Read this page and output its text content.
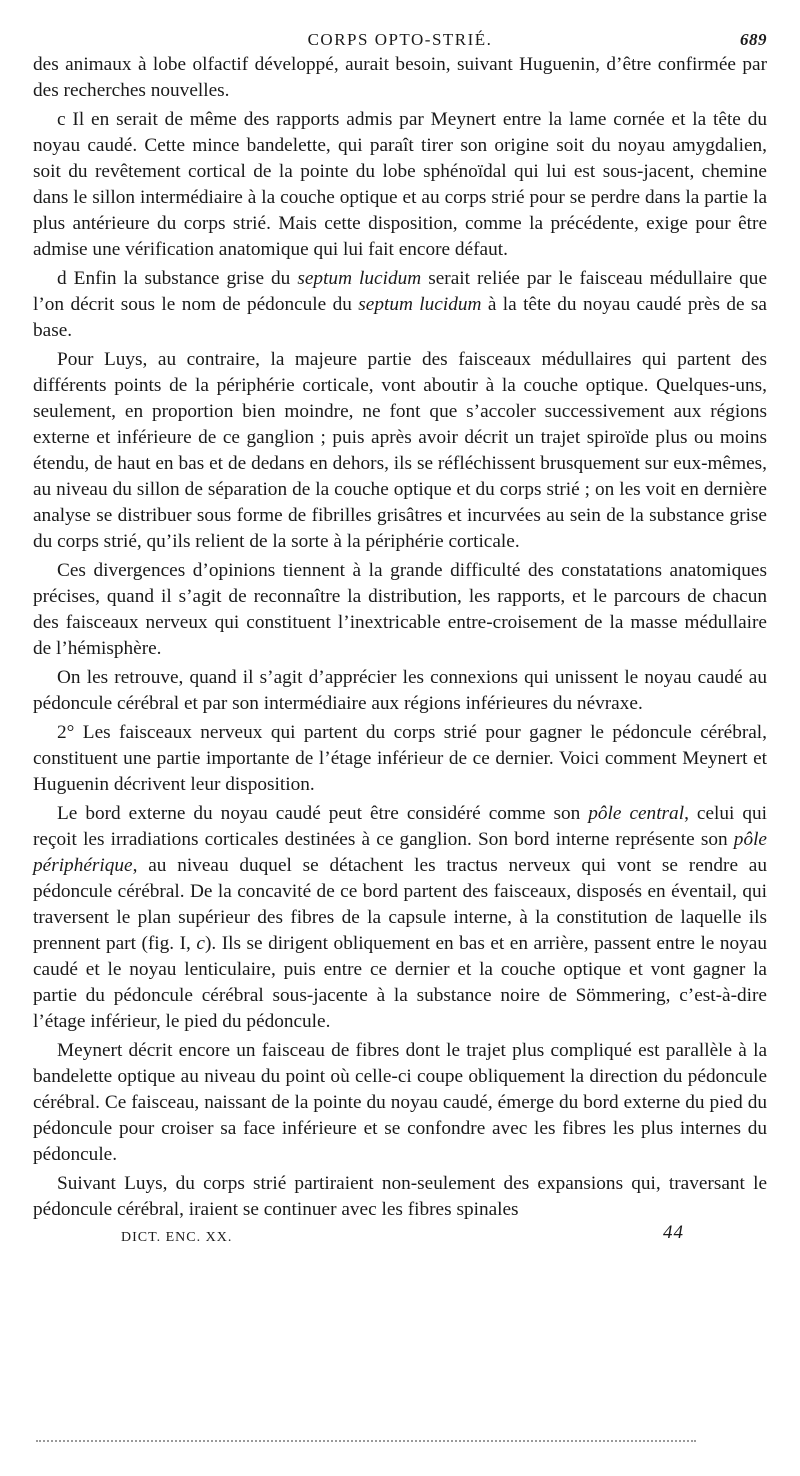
CORPS OPTO-STRIÉ.	689

des animaux à lobe olfactif développé, aurait besoin, suivant Huguenin, d’être confirmée par des recherches nouvelles.

c Il en serait de même des rapports admis par Meynert entre la lame cornée et la tête du noyau caudé. Cette mince bandelette, qui paraît tirer son origine soit du noyau amygdalien, soit du revêtement cortical de la pointe du lobe sphénoïdal qui lui est sous-jacent, chemine dans le sillon intermédiaire à la couche optique et au corps strié pour se perdre dans la partie la plus antérieure du corps strié. Mais cette disposition, comme la précédente, exige pour être admise une vérification anatomique qui lui fait encore défaut.

d Enfin la substance grise du septum lucidum serait reliée par le faisceau médullaire que l’on décrit sous le nom de pédoncule du septum lucidum à la tête du noyau caudé près de sa base.

Pour Luys, au contraire, la majeure partie des faisceaux médullaires qui partent des différents points de la périphérie corticale, vont aboutir à la couche optique. Quelques-uns, seulement, en proportion bien moindre, ne font que s’accoler successivement aux régions externe et inférieure de ce ganglion ; puis après avoir décrit un trajet spiroïde plus ou moins étendu, de haut en bas et de dedans en dehors, ils se réfléchissent brusquement sur eux-mêmes, au niveau du sillon de séparation de la couche optique et du corps strié ; on les voit en dernière analyse se distribuer sous forme de fibrilles grisâtres et incurvées au sein de la substance grise du corps strié, qu’ils relient de la sorte à la périphérie corticale.

Ces divergences d’opinions tiennent à la grande difficulté des constatations anatomiques précises, quand il s’agit de reconnaître la distribution, les rapports, et le parcours de chacun des faisceaux nerveux qui constituent l’inextricable entre-croisement de la masse médullaire de l’hémisphère.

On les retrouve, quand il s’agit d’apprécier les connexions qui unissent le noyau caudé au pédoncule cérébral et par son intermédiaire aux régions inférieures du névraxe.

2° Les faisceaux nerveux qui partent du corps strié pour gagner le pédoncule cérébral, constituent une partie importante de l’étage inférieur de ce dernier. Voici comment Meynert et Huguenin décrivent leur disposition.

Le bord externe du noyau caudé peut être considéré comme son pôle central, celui qui reçoit les irradiations corticales destinées à ce ganglion. Son bord interne représente son pôle périphérique, au niveau duquel se détachent les tractus nerveux qui vont se rendre au pédoncule cérébral. De la concavité de ce bord partent des faisceaux, disposés en éventail, qui traversent le plan supérieur des fibres de la capsule interne, à la constitution de laquelle ils prennent part (fig. I, c). Ils se dirigent obliquement en bas et en arrière, passent entre le noyau caudé et le noyau lenticulaire, puis entre ce dernier et la couche optique et vont gagner la partie du pédoncule cérébral sous-jacente à la substance noire de Sömmering, c’est-à-dire l’étage inférieur, le pied du pédoncule.

Meynert décrit encore un faisceau de fibres dont le trajet plus compliqué est parallèle à la bandelette optique au niveau du point où celle-ci coupe obliquement la direction du pédoncule cérébral. Ce faisceau, naissant de la pointe du noyau caudé, émerge du bord externe du pied du pédoncule pour croiser sa face inférieure et se confondre avec les fibres les plus internes du pédoncule.

Suivant Luys, du corps strié partiraient non-seulement des expansions qui, traversant le pédoncule cérébral, iraient se continuer avec les fibres spinales

DICT. ENC. XX.	44
